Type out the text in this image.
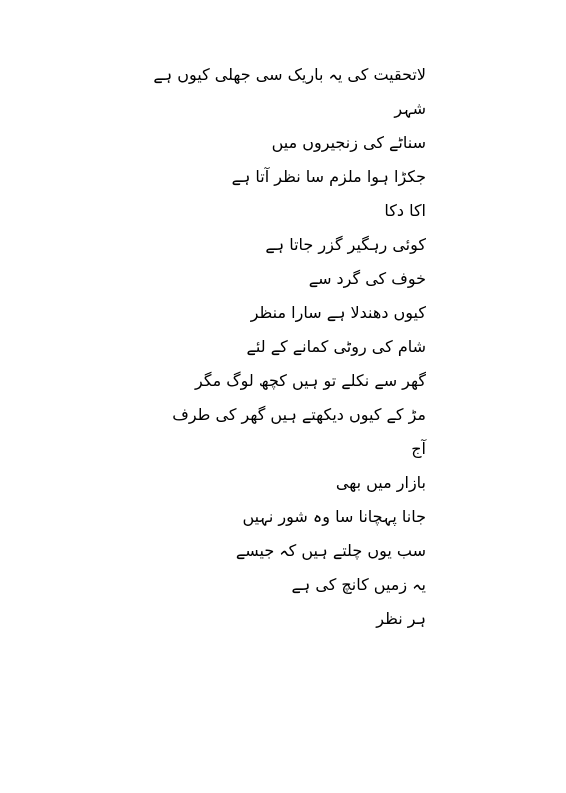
لاتحقیت کی یہ باریک سی جھلی کیوں ہے
شہر
سناٹے کی زنجیروں میں
جکڑا ہوا ملزم سا نظر آتا ہے
اکا دکا
کوئی رہگیر گزر جاتا ہے
خوف کی گرد سے
کیوں دھندلا ہے سارا منظر
شام کی روٹی کمانے کے لئے
گھر سے نکلے تو ہیں کچھ لوگ مگر
مڑ کے کیوں دیکھتے ہیں گھر کی طرف
آج
بازار میں بھی
جانا پہچانا سا وہ شور نہیں
سب یوں چلتے ہیں کہ جیسے
یہ زمیں کانچ کی ہے
ہر نظر
